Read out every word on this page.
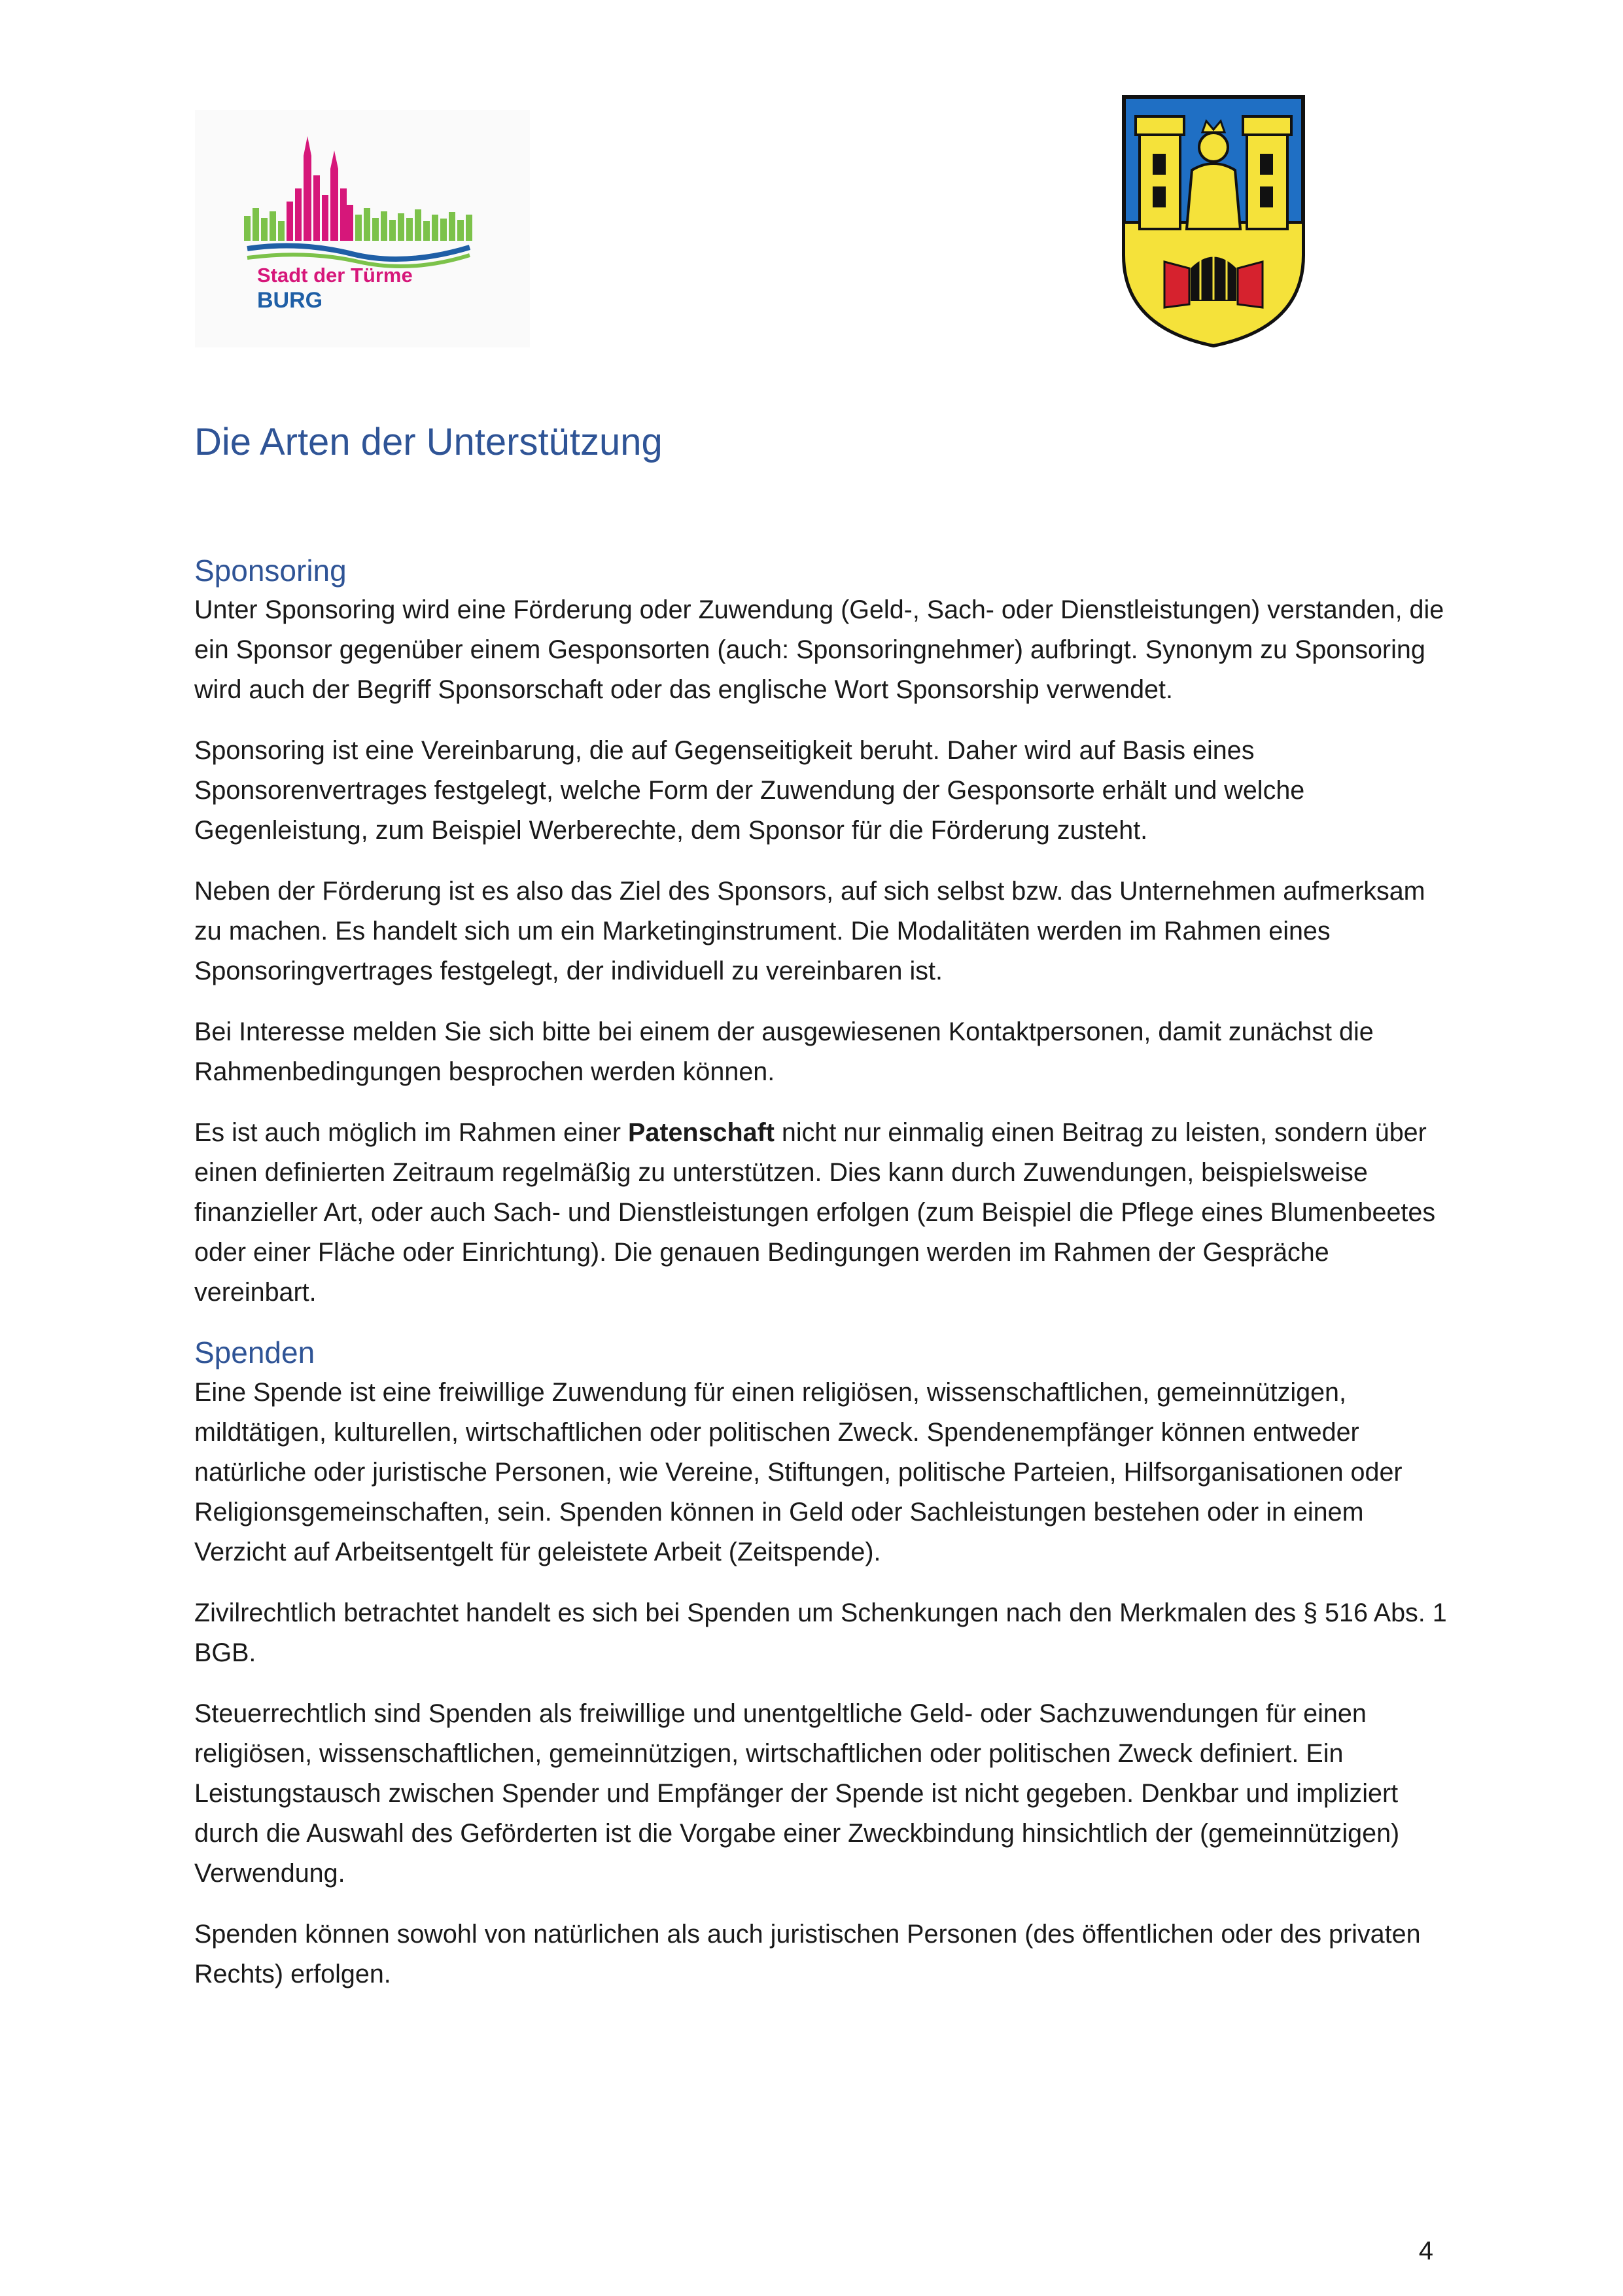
Stadt der Türme
BURG
Die Arten der Unterstützung
Sponsoring

Unter Sponsoring wird eine Förderung oder Zuwendung (Geld-, Sach- oder Dienstleistungen) verstanden, die ein Sponsor gegenüber einem Gesponsorten (auch: Sponsoringnehmer) aufbringt. Synonym zu Sponsoring wird auch der Begriff Sponsorschaft oder das englische Wort Sponsorship verwendet.

Sponsoring ist eine Vereinbarung, die auf Gegenseitigkeit beruht. Daher wird auf Basis eines Sponsorenvertrages festgelegt, welche Form der Zuwendung der Gesponsorte erhält und welche Gegenleistung, zum Beispiel Werberechte, dem Sponsor für die Förderung zusteht.

Neben der Förderung ist es also das Ziel des Sponsors, auf sich selbst bzw. das Unternehmen aufmerksam zu machen. Es handelt sich um ein Marketinginstrument. Die Modalitäten werden im Rahmen eines Sponsoringvertrages festgelegt, der individuell zu vereinbaren ist.

Bei Interesse melden Sie sich bitte bei einem der ausgewiesenen Kontaktpersonen, damit zunächst die Rahmenbedingungen besprochen werden können.

Es ist auch möglich im Rahmen einer Patenschaft nicht nur einmalig einen Beitrag zu leisten, sondern über einen definierten Zeitraum regelmäßig zu unterstützen. Dies kann durch Zuwendungen, beispielsweise finanzieller Art, oder auch Sach- und Dienstleistungen erfolgen (zum Beispiel die Pflege eines Blumenbeetes oder einer Fläche oder Einrichtung). Die genauen Bedingungen werden im Rahmen der Gespräche vereinbart.

Spenden

Eine Spende ist eine freiwillige Zuwendung für einen religiösen, wissenschaftlichen, gemeinnützigen, mildtätigen, kulturellen, wirtschaftlichen oder politischen Zweck. Spendenempfänger können entweder natürliche oder juristische Personen, wie Vereine, Stiftungen, politische Parteien, Hilfsorganisationen oder Religionsgemeinschaften, sein. Spenden können in Geld oder Sachleistungen bestehen oder in einem Verzicht auf Arbeitsentgelt für geleistete Arbeit (Zeitspende).

Zivilrechtlich betrachtet handelt es sich bei Spenden um Schenkungen nach den Merkmalen des § 516 Abs. 1 BGB.

Steuerrechtlich sind Spenden als freiwillige und unentgeltliche Geld- oder Sachzuwendungen für einen religiösen, wissenschaftlichen, gemeinnützigen, wirtschaftlichen oder politischen Zweck definiert. Ein Leistungstausch zwischen Spender und Empfänger der Spende ist nicht gegeben. Denkbar und impliziert durch die Auswahl des Geförderten ist die Vorgabe einer Zweckbindung hinsichtlich der (gemeinnützigen) Verwendung.

Spenden können sowohl von natürlichen als auch juristischen Personen (des öffentlichen oder des privaten Rechts) erfolgen.

4
